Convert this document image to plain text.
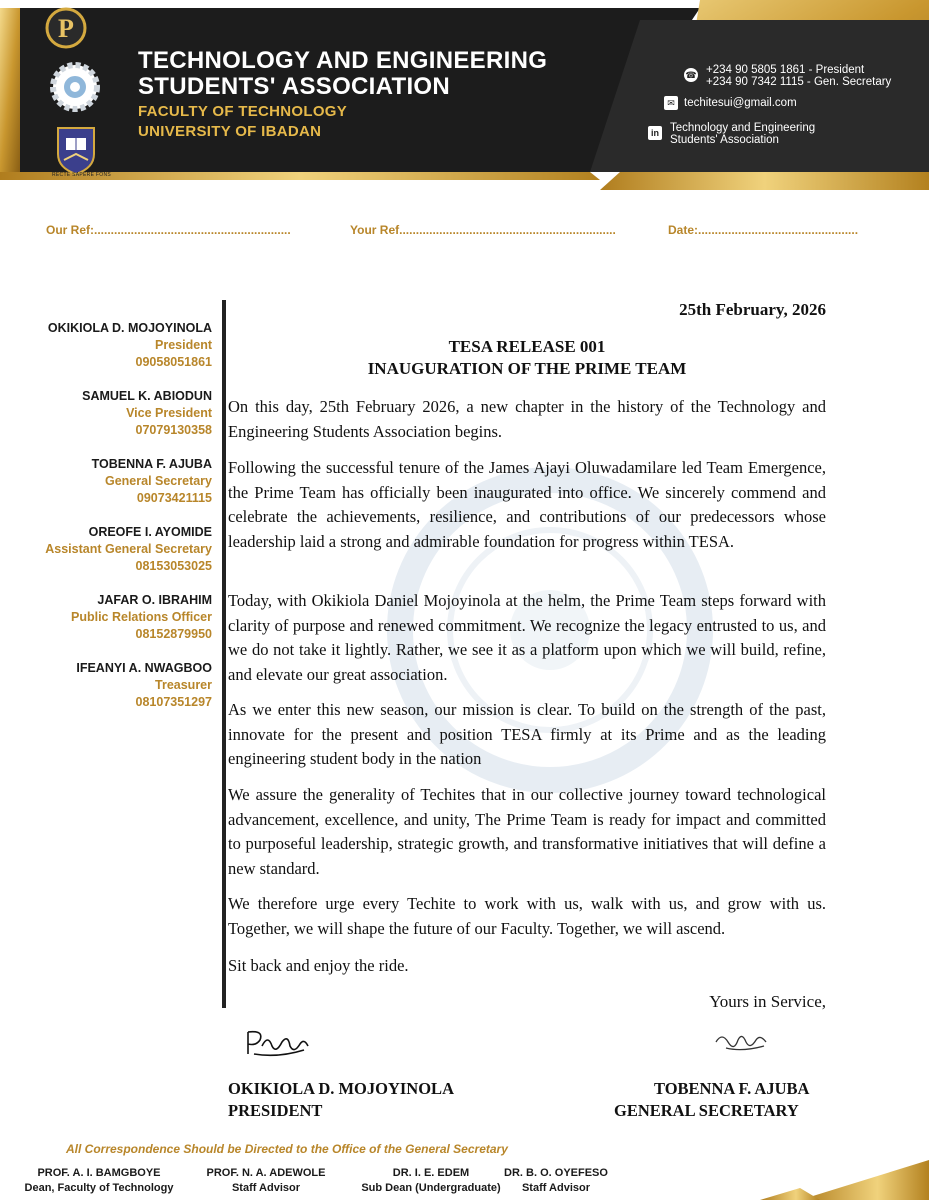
P
RECTE SAPERE FONS
TECHNOLOGY AND ENGINEERING
STUDENTS' ASSOCIATION
FACULTY OF TECHNOLOGY
UNIVERSITY OF IBADAN
☎ +234 90 5805 1861 - President
+234 90 7342 1115 - Gen. Secretary
✉ techitesui@gmail.com
in Technology and Engineering
Students' Association
Our Ref:...........................................................	Your Ref.................................................................	Date:................................................
OKIKIOLA D. MOJOYINOLA
President
09058051861
SAMUEL K. ABIODUN
Vice President
07079130358
TOBENNA F. AJUBA
General Secretary
09073421115
OREOFE I. AYOMIDE
Assistant General Secretary
08153053025
JAFAR O. IBRAHIM
Public Relations Officer
08152879950
IFEANYI A. NWAGBOO
Treasurer
08107351297
25th February, 2026
TESA RELEASE 001
INAUGURATION OF THE PRIME TEAM
On this day, 25th February 2026, a new chapter in the history of the Technology and Engineering Students Association begins.
Following the successful tenure of the James Ajayi Oluwadamilare led Team Emergence, the Prime Team has officially been inaugurated into office. We sincerely commend and celebrate the achievements, resilience, and contributions of our predecessors whose leadership laid a strong and admirable foundation for progress within TESA.
Today, with Okikiola Daniel Mojoyinola at the helm, the Prime Team steps forward with clarity of purpose and renewed commitment. We recognize the legacy entrusted to us, and we do not take it lightly. Rather, we see it as a platform upon which we will build, refine, and elevate our great association.
As we enter this new season, our mission is clear. To build on the strength of the past, innovate for the present and position TESA firmly at its Prime and as the leading engineering student body in the nation
We assure the generality of Techites that in our collective journey toward technological advancement, excellence, and unity, The Prime Team is ready for impact and committed to purposeful leadership, strategic growth, and transformative initiatives that will define a new standard.
We therefore urge every Techite to work with us, walk with us, and grow with us. Together, we will shape the future of our Faculty. Together, we will ascend.
Sit back and enjoy the ride.
Yours in Service,
OKIKIOLA D. MOJOYINOLA
PRESIDENT
TOBENNA F. AJUBA
GENERAL SECRETARY
All Correspondence Should be Directed to the Office of the General Secretary
PROF. A. I. BAMGBOYE
Dean, Faculty of Technology
PROF. N. A. ADEWOLE
Staff Advisor
DR. I. E. EDEM
Sub Dean (Undergraduate)
DR. B. O. OYEFESO
Staff Advisor
